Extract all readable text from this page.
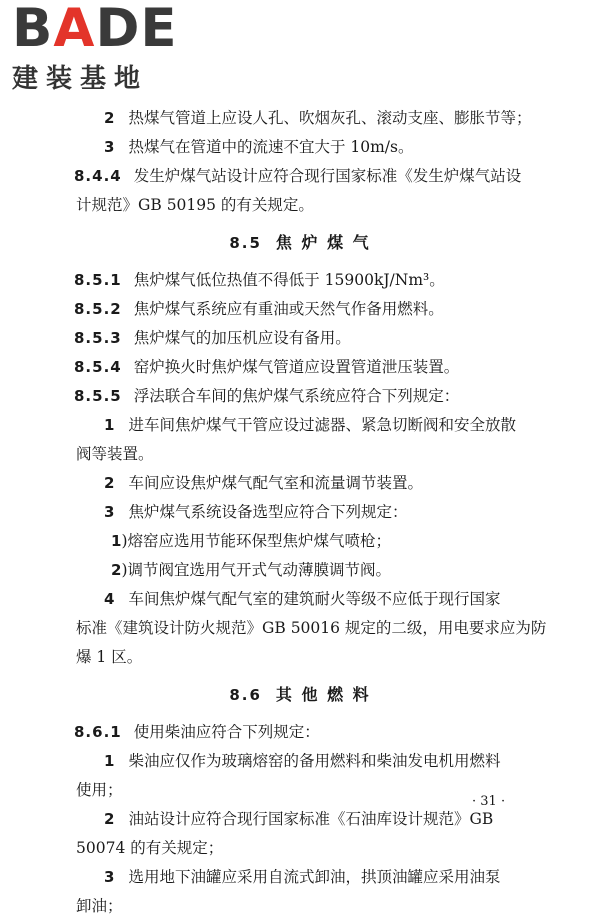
BADE
建装基地
2 热煤气管道上应设人孔、吹烟灰孔、滚动支座、膨胀节等；
3 热煤气在管道中的流速不宜大于 10m/s。
8.4.4 发生炉煤气站设计应符合现行国家标准《发生炉煤气站设
计规范》GB 50195 的有关规定。
8.5 焦 炉 煤 气
8.5.1 焦炉煤气低位热值不得低于 15900kJ/Nm³。
8.5.2 焦炉煤气系统应有重油或天然气作备用燃料。
8.5.3 焦炉煤气的加压机应设有备用。
8.5.4 窑炉换火时焦炉煤气管道应设置管道泄压装置。
8.5.5 浮法联合车间的焦炉煤气系统应符合下列规定：
1 进车间焦炉煤气干管应设过滤器、紧急切断阀和安全放散
阀等装置。
2 车间应设焦炉煤气配气室和流量调节装置。
3 焦炉煤气系统设备选型应符合下列规定：
1)熔窑应选用节能环保型焦炉煤气喷枪；
2)调节阀宜选用气开式气动薄膜调节阀。
4 车间焦炉煤气配气室的建筑耐火等级不应低于现行国家
标准《建筑设计防火规范》GB 50016 规定的二级，用电要求应为防
爆 1 区。
8.6 其 他 燃 料
8.6.1 使用柴油应符合下列规定：
1 柴油应仅作为玻璃熔窑的备用燃料和柴油发电机用燃料
使用；
2 油站设计应符合现行国家标准《石油库设计规范》GB
50074 的有关规定；
3 选用地下油罐应采用自流式卸油，拱顶油罐应采用油泵
卸油；
· 31 ·
